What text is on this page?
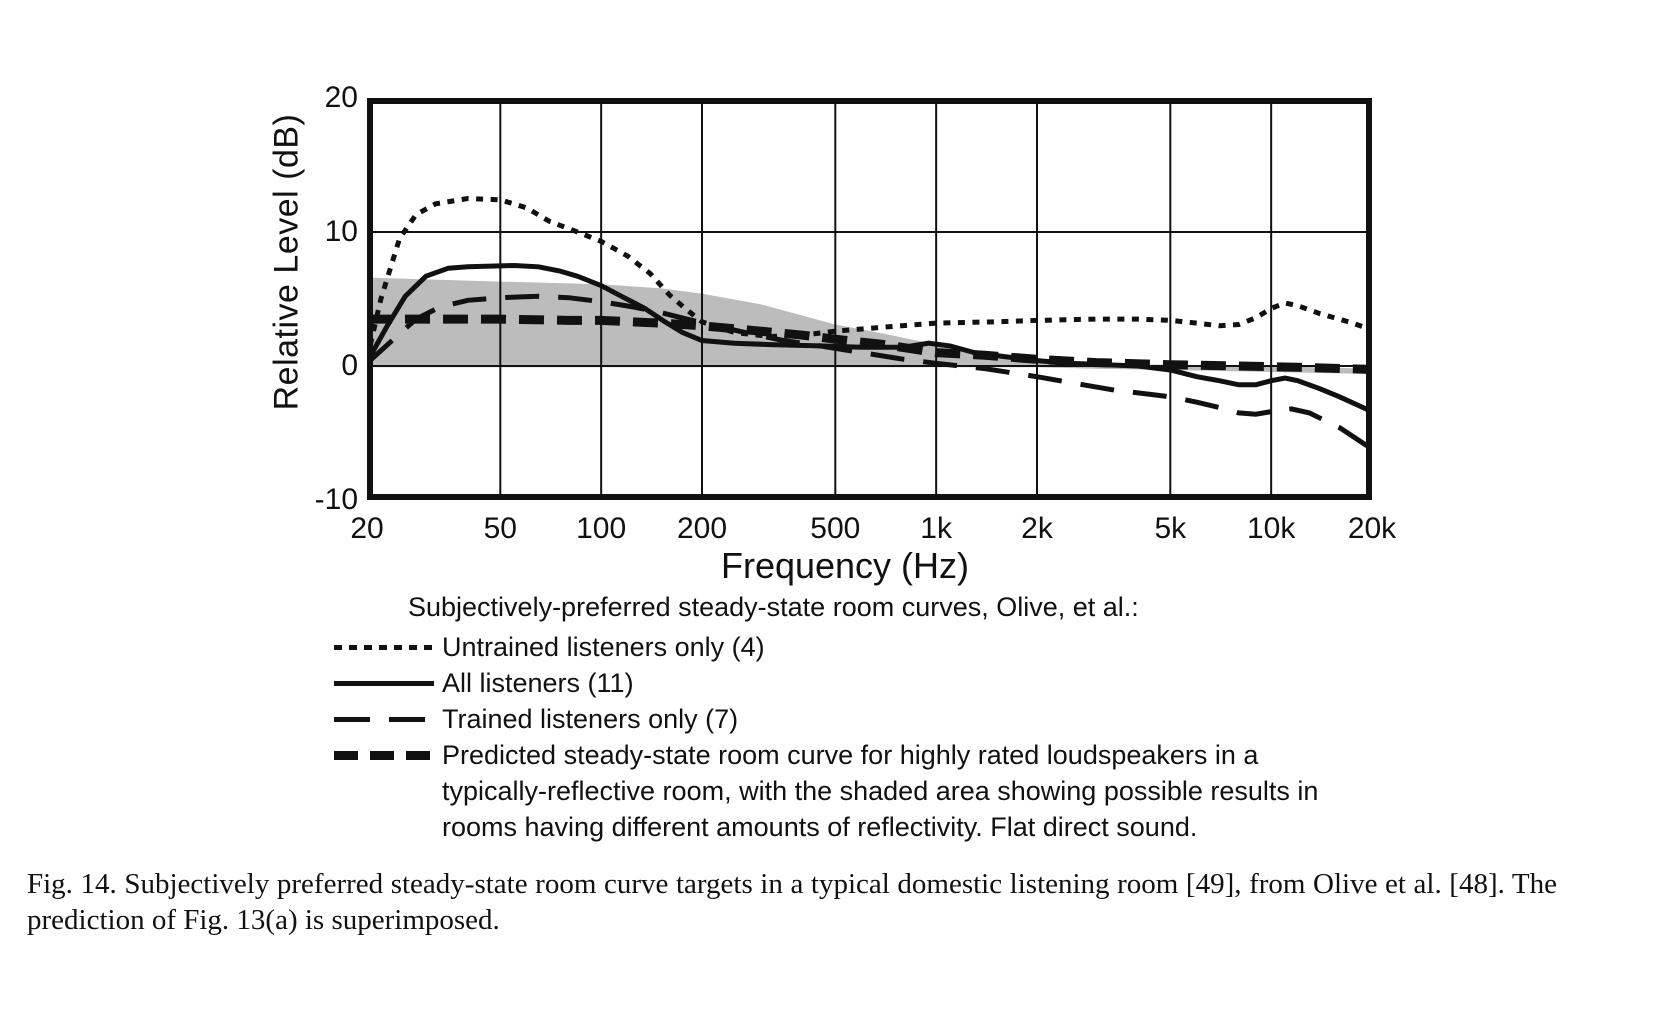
Relative Level (dB)
20
10
0
-10
20	50 100 200	500 1k 2k	5k 10k 20k
Frequency (Hz)
Subjectively-preferred steady-state room curves, Olive, et al.:
Untrained listeners only (4)
All listeners (11)
Trained listeners only (7)
Predicted steady-state room curve for highly rated loudspeakers in a typically-reflective room, with the shaded area showing possible results in rooms having different amounts of reflectivity. Flat direct sound.
Fig. 14. Subjectively preferred steady-state room curve targets in a typical domestic listening room [49], from Olive et al. [48]. The prediction of Fig. 13(a) is superimposed.
